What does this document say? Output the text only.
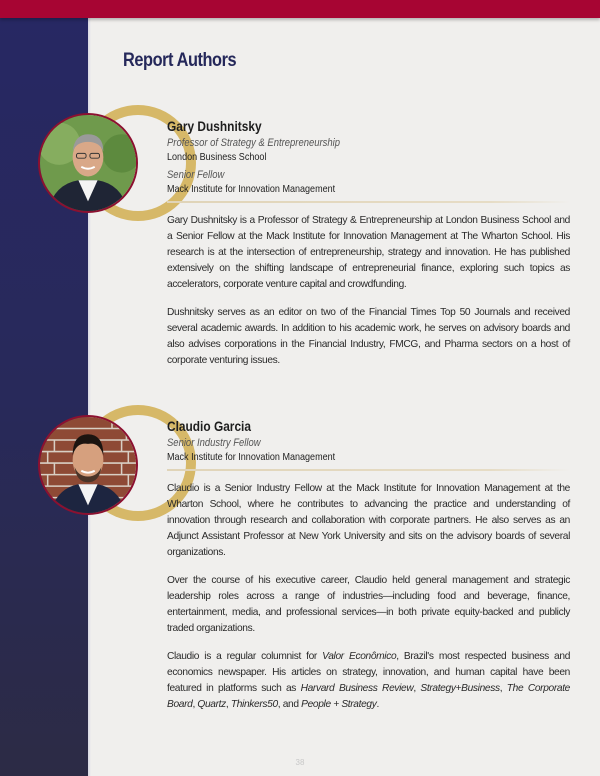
Report Authors
Gary Dushnitsky
Professor of Strategy & Entrepreneurship
London Business School
Senior Fellow
Mack Institute for Innovation Management

Gary Dushnitsky is a Professor of Strategy & Entrepreneurship at London Business School and a Senior Fellow at the Mack Institute for Innovation Management at The Wharton School. His research is at the intersection of entrepreneurship, strategy and innovation. He has published extensively on the shifting landscape of entrepreneurial finance, exploring such topics as accelerators, corporate venture capital and crowdfunding.

Dushnitsky serves as an editor on two of the Financial Times Top 50 Journals and received several academic awards. In addition to his academic work, he serves on advisory boards and also advises corporations in the Financial Industry, FMCG, and Pharma sectors on a host of corporate venturing issues.

Claudio Garcia
Senior Industry Fellow
Mack Institute for Innovation Management

Claudio is a Senior Industry Fellow at the Mack Institute for Innovation Management at the Wharton School, where he contributes to advancing the practice and understanding of innovation through research and collaboration with corporate partners. He also serves as an Adjunct Assistant Professor at New York University and sits on the advisory boards of several organizations.

Over the course of his executive career, Claudio held general management and strategic leadership roles across a range of industries—including food and beverage, finance, entertainment, media, and professional services—in both private equity-backed and publicly traded organizations.

Claudio is a regular columnist for Valor Econômico, Brazil's most respected business and economics newspaper. His articles on strategy, innovation, and human capital have been featured in platforms such as Harvard Business Review, Strategy+Business, The Corporate Board, Quartz, Thinkers50, and People + Strategy.

38
